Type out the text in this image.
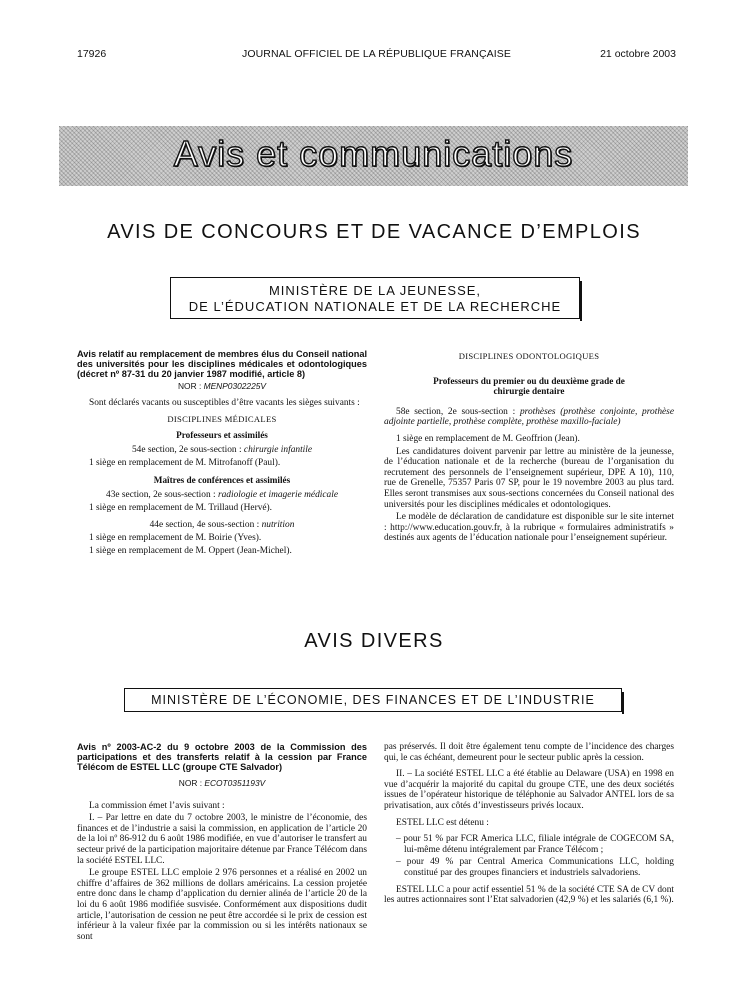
17926	JOURNAL OFFICIEL DE LA RÉPUBLIQUE FRANÇAISE	21 octobre 2003
Avis et communications
AVIS DE CONCOURS ET DE VACANCE D’EMPLOIS
MINISTÈRE DE LA JEUNESSE,
DE L’ÉDUCATION NATIONALE ET DE LA RECHERCHE

Avis relatif au remplacement de membres élus du Conseil national des universités pour les disciplines médicales et odontologiques (décret nº 87-31 du 20 janvier 1987 modifié, article 8)

NOR : MENP0302225V

Sont déclarés vacants ou susceptibles d’être vacants les sièges suivants :

DISCIPLINES MÉDICALES

Professeurs et assimilés

54e section, 2e sous-section : chirurgie infantile

1 siège en remplacement de M. Mitrofanoff (Paul).

Maîtres de conférences et assimilés

43e section, 2e sous-section : radiologie et imagerie médicale

1 siège en remplacement de M. Trillaud (Hervé).

44e section, 4e sous-section : nutrition

1 siège en remplacement de M. Boirie (Yves).

1 siège en remplacement de M. Oppert (Jean-Michel).

DISCIPLINES ODONTOLOGIQUES

Professeurs du premier ou du deuxième grade de chirurgie dentaire

58e section, 2e sous-section : prothèses (prothèse conjointe, prothèse adjointe partielle, prothèse complète, prothèse maxillo-faciale)

1 siège en remplacement de M. Geoffrion (Jean).

Les candidatures doivent parvenir par lettre au ministère de la jeunesse, de l’éducation nationale et de la recherche (bureau de l’organisation du recrutement des personnels de l’enseignement supérieur, DPE A 10), 110, rue de Grenelle, 75357 Paris 07 SP, pour le 19 novembre 2003 au plus tard. Elles seront transmises aux sous-sections concernées du Conseil national des universités pour les disciplines médicales et odontologiques.

Le modèle de déclaration de candidature est disponible sur le site internet : http://www.education.gouv.fr, à la rubrique « formulaires administratifs » destinés aux agents de l’éducation nationale pour l’enseignement supérieur.

AVIS DIVERS
MINISTÈRE DE L’ÉCONOMIE, DES FINANCES ET DE L’INDUSTRIE

Avis nº 2003-AC-2 du 9 octobre 2003 de la Commission des participations et des transferts relatif à la cession par France Télécom de ESTEL LLC (groupe CTE Salvador)

NOR : ECOT0351193V

La commission émet l’avis suivant :

I. – Par lettre en date du 7 octobre 2003, le ministre de l’économie, des finances et de l’industrie a saisi la commission, en application de l’article 20 de la loi nº 86-912 du 6 août 1986 modifiée, en vue d’autoriser le transfert au secteur privé de la participation majoritaire détenue par France Télécom dans la société ESTEL LLC.

Le groupe ESTEL LLC emploie 2 976 personnes et a réalisé en 2002 un chiffre d’affaires de 362 millions de dollars américains. La cession projetée entre donc dans le champ d’application du dernier alinéa de l’article 20 de la loi du 6 août 1986 modifiée susvisée. Conformément aux dispositions dudit article, l’autorisation de cession ne peut être accordée si le prix de cession est inférieur à la valeur fixée par la commission ou si les intérêts nationaux se sont

pas préservés. Il doit être également tenu compte de l’incidence des charges qui, le cas échéant, demeurent pour le secteur public après la cession.

II. – La société ESTEL LLC a été établie au Delaware (USA) en 1998 en vue d’acquérir la majorité du capital du groupe CTE, une des deux sociétés issues de l’opérateur historique de téléphonie au Salvador ANTEL lors de sa privatisation, aux côtés d’investisseurs privés locaux.

ESTEL LLC est détenu :

– pour 51 % par FCR America LLC, filiale intégrale de COGECOM SA, lui-même détenu intégralement par France Télécom ;

– pour 49 % par Central America Communications LLC, holding constitué par des groupes financiers et industriels salvadoriens.

ESTEL LLC a pour actif essentiel 51 % de la société CTE SA de CV dont les autres actionnaires sont l’Etat salvadorien (42,9 %) et les salariés (6,1 %).
